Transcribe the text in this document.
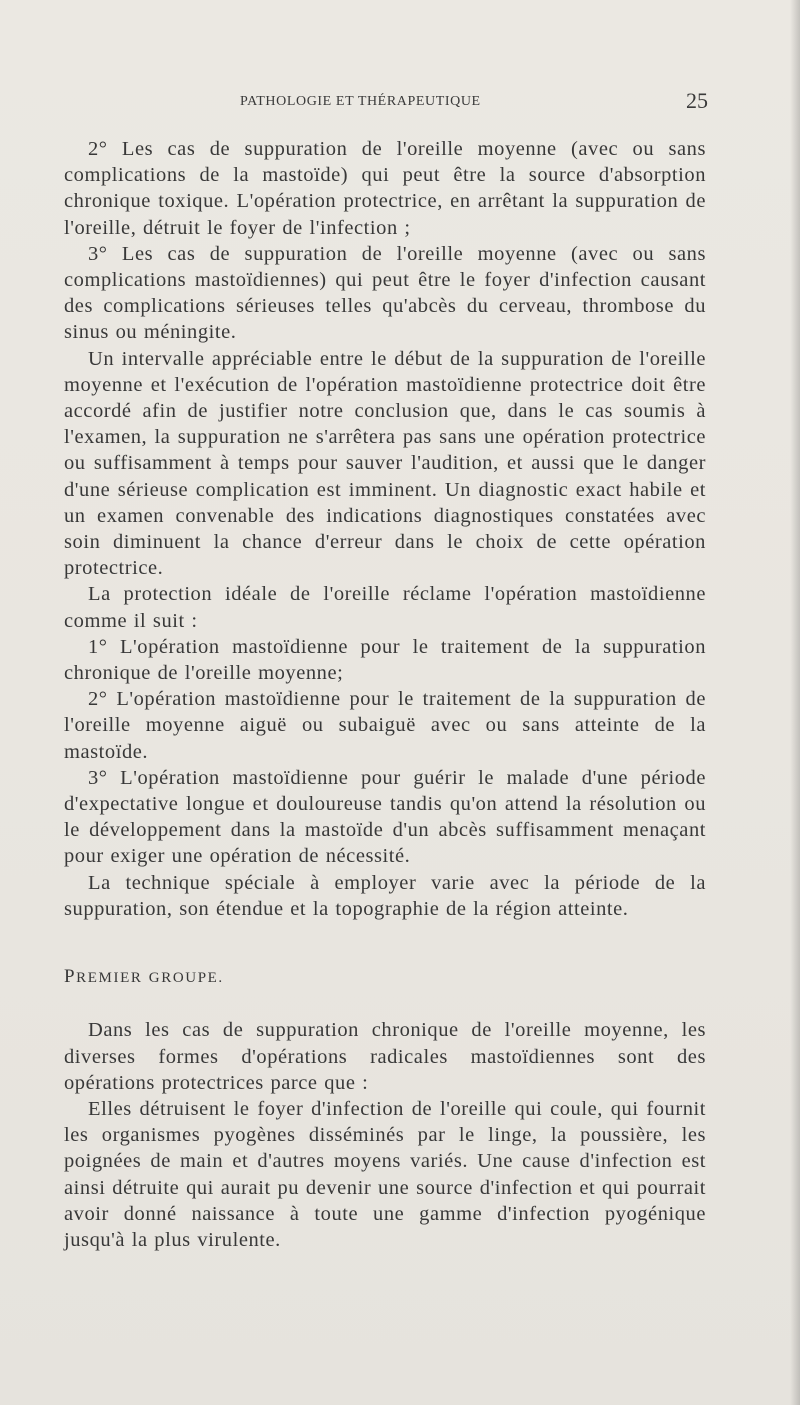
PATHOLOGIE ET THÉRAPEUTIQUE	25

2° Les cas de suppuration de l'oreille moyenne (avec ou sans complications de la mastoïde) qui peut être la source d'absorption chronique toxique. L'opération protectrice, en arrêtant la suppuration de l'oreille, détruit le foyer de l'infection ;

3° Les cas de suppuration de l'oreille moyenne (avec ou sans complications mastoïdiennes) qui peut être le foyer d'infection causant des complications sérieuses telles qu'abcès du cerveau, thrombose du sinus ou méningite.

Un intervalle appréciable entre le début de la suppuration de l'oreille moyenne et l'exécution de l'opération mastoïdienne protectrice doit être accordé afin de justifier notre conclusion que, dans le cas soumis à l'examen, la suppuration ne s'arrêtera pas sans une opération protectrice ou suffisamment à temps pour sauver l'audition, et aussi que le danger d'une sérieuse complication est imminent. Un diagnostic exact habile et un examen convenable des indications diagnostiques constatées avec soin diminuent la chance d'erreur dans le choix de cette opération protectrice.

La protection idéale de l'oreille réclame l'opération mastoïdienne comme il suit :

1° L'opération mastoïdienne pour le traitement de la suppuration chronique de l'oreille moyenne;

2° L'opération mastoïdienne pour le traitement de la suppuration de l'oreille moyenne aiguë ou subaiguë avec ou sans atteinte de la mastoïde.

3° L'opération mastoïdienne pour guérir le malade d'une période d'expectative longue et douloureuse tandis qu'on attend la résolution ou le développement dans la mastoïde d'un abcès suffisamment menaçant pour exiger une opération de nécessité.

La technique spéciale à employer varie avec la période de la suppuration, son étendue et la topographie de la région atteinte.

PREMIER GROUPE.

Dans les cas de suppuration chronique de l'oreille moyenne, les diverses formes d'opérations radicales mastoïdiennes sont des opérations protectrices parce que :

Elles détruisent le foyer d'infection de l'oreille qui coule, qui fournit les organismes pyogènes disséminés par le linge, la poussière, les poignées de main et d'autres moyens variés. Une cause d'infection est ainsi détruite qui aurait pu devenir une source d'infection et qui pourrait avoir donné naissance à toute une gamme d'infection pyogénique jusqu'à la plus virulente.
